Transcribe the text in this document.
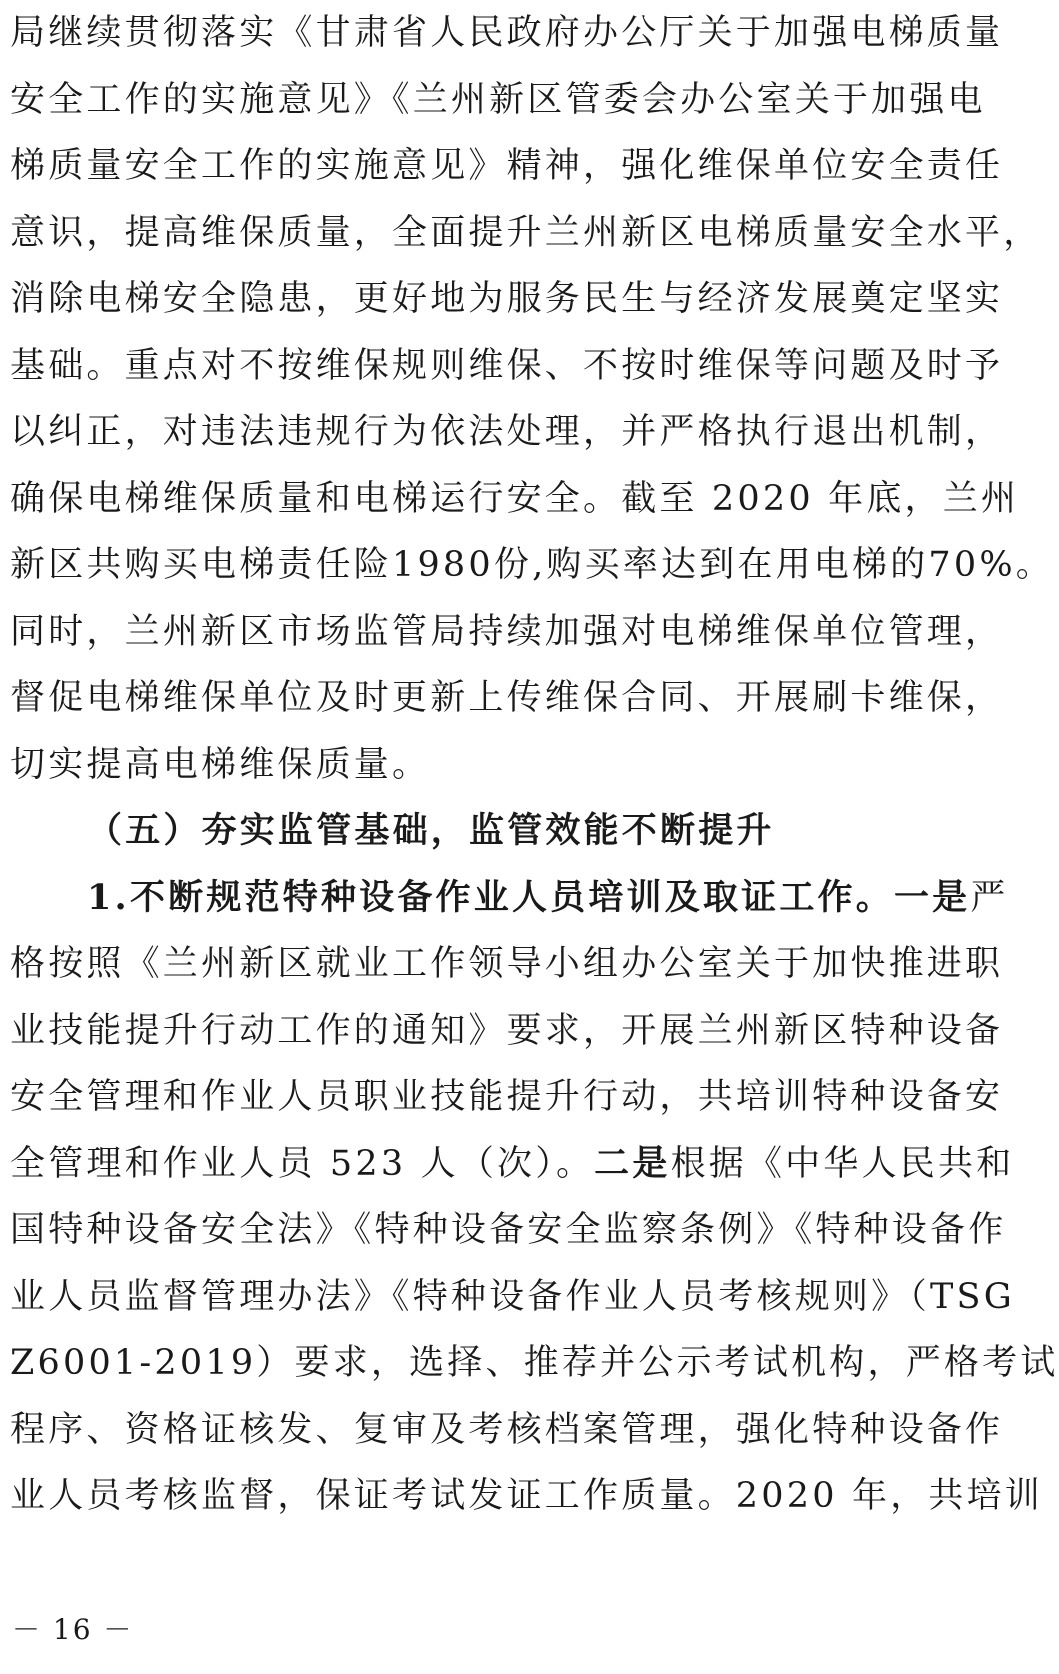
局继续贯彻落实《甘肃省人民政府办公厅关于加强电梯质量
安全工作的实施意见》《兰州新区管委会办公室关于加强电
梯质量安全工作的实施意见》精神，强化维保单位安全责任
意识，提高维保质量，全面提升兰州新区电梯质量安全水平，
消除电梯安全隐患，更好地为服务民生与经济发展奠定坚实
基础。重点对不按维保规则维保、不按时维保等问题及时予
以纠正，对违法违规行为依法处理，并严格执行退出机制，
确保电梯维保质量和电梯运行安全。截至 2020 年底，兰州
新区共购买电梯责任险1980份,购买率达到在用电梯的70%。
同时，兰州新区市场监管局持续加强对电梯维保单位管理，
督促电梯维保单位及时更新上传维保合同、开展刷卡维保，
切实提高电梯维保质量。
（五）夯实监管基础，监管效能不断提升
1.不断规范特种设备作业人员培训及取证工作。一是严
格按照《兰州新区就业工作领导小组办公室关于加快推进职
业技能提升行动工作的通知》要求，开展兰州新区特种设备
安全管理和作业人员职业技能提升行动，共培训特种设备安
全管理和作业人员 523 人（次）。二是根据《中华人民共和
国特种设备安全法》《特种设备安全监察条例》《特种设备作
业人员监督管理办法》《特种设备作业人员考核规则》（TSG
Z6001-2019）要求，选择、推荐并公示考试机构，严格考试
程序、资格证核发、复审及考核档案管理，强化特种设备作
业人员考核监督，保证考试发证工作质量。2020 年，共培训
－ 16 －
